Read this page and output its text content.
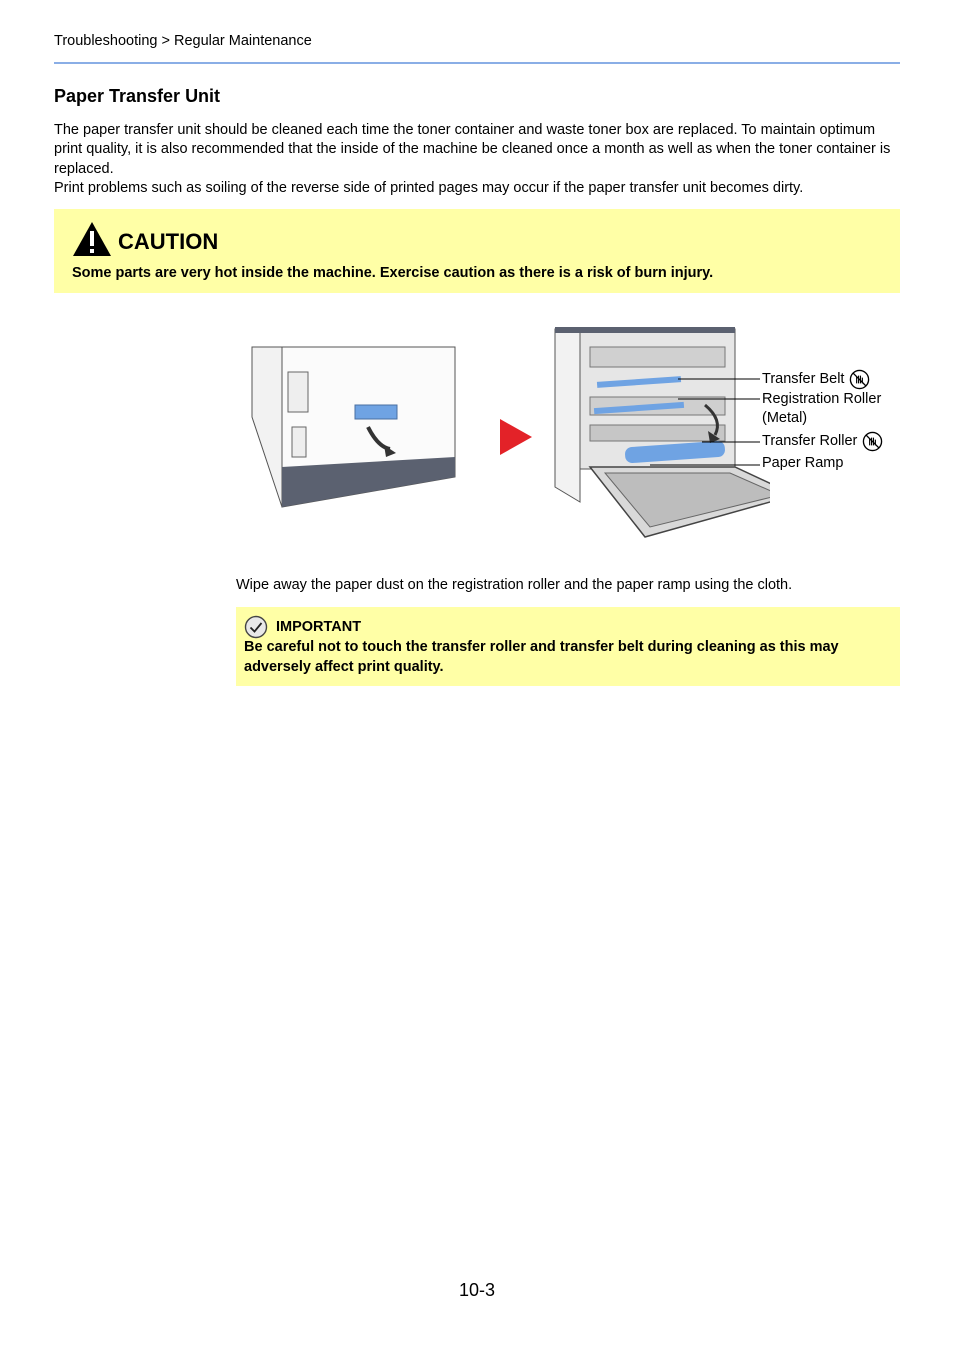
Troubleshooting > Regular Maintenance
Paper Transfer Unit

The paper transfer unit should be cleaned each time the toner container and waste toner box are replaced. To maintain optimum print quality, it is also recommended that the inside of the machine be cleaned once a month as well as when the toner container is replaced.

Print problems such as soiling of the reverse side of printed pages may occur if the paper transfer unit becomes dirty.

CAUTION
Some parts are very hot inside the machine. Exercise caution as there is a risk of burn injury.
Transfer Belt
Registration Roller
(Metal)
Transfer Roller
Paper Ramp
Wipe away the paper dust on the registration roller and the paper ramp using the cloth.
IMPORTANT
Be careful not to touch the transfer roller and transfer belt during cleaning as this may adversely affect print quality.
10-3
